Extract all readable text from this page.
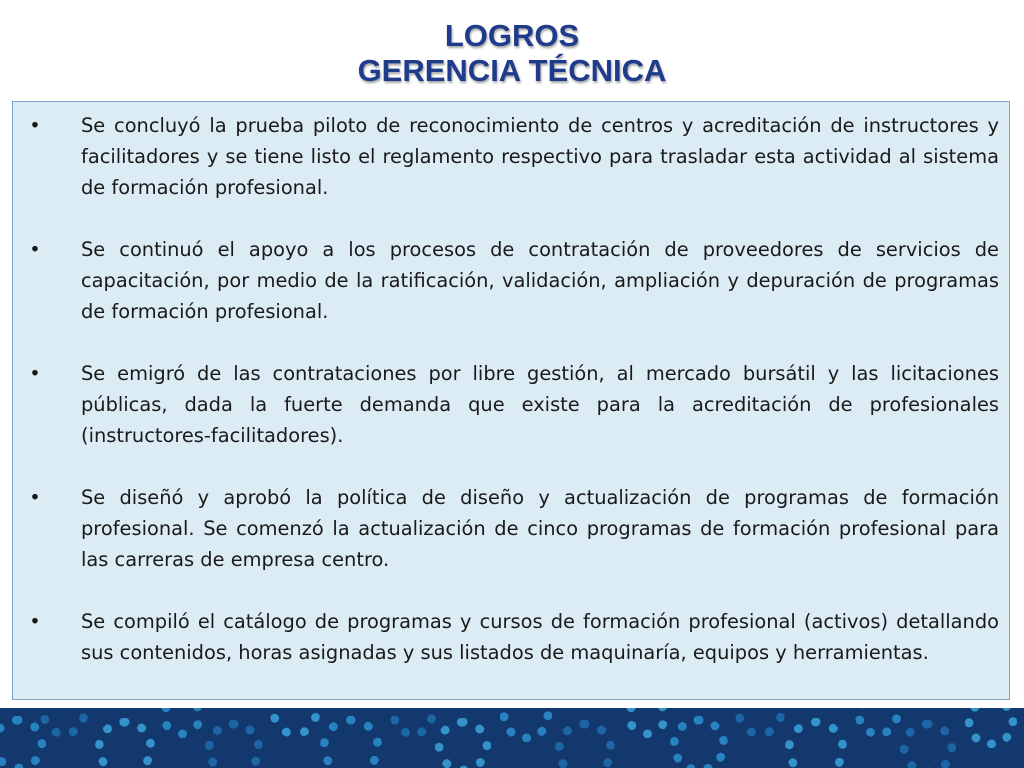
LOGROS
GERENCIA TÉCNICA
• Se concluyó la prueba piloto de reconocimiento de centros y acreditación de instructores y facilitadores y se tiene listo el reglamento respectivo para trasladar esta actividad al sistema de formación profesional.
• Se continuó el apoyo a los procesos de contratación de proveedores de servicios de capacitación, por medio de la ratificación, validación, ampliación y depuración de programas de formación profesional.
• Se emigró de las contrataciones por libre gestión, al mercado bursátil y las licitaciones públicas, dada la fuerte demanda que existe para la acreditación de profesionales (instructores-facilitadores).
• Se diseñó y aprobó la política de diseño y actualización de programas de formación profesional. Se comenzó la actualización de cinco programas de formación profesional para las carreras de empresa centro.
• Se compiló el catálogo de programas y cursos de formación profesional (activos) detallando sus contenidos, horas asignadas y sus listados de maquinaría, equipos y herramientas.
